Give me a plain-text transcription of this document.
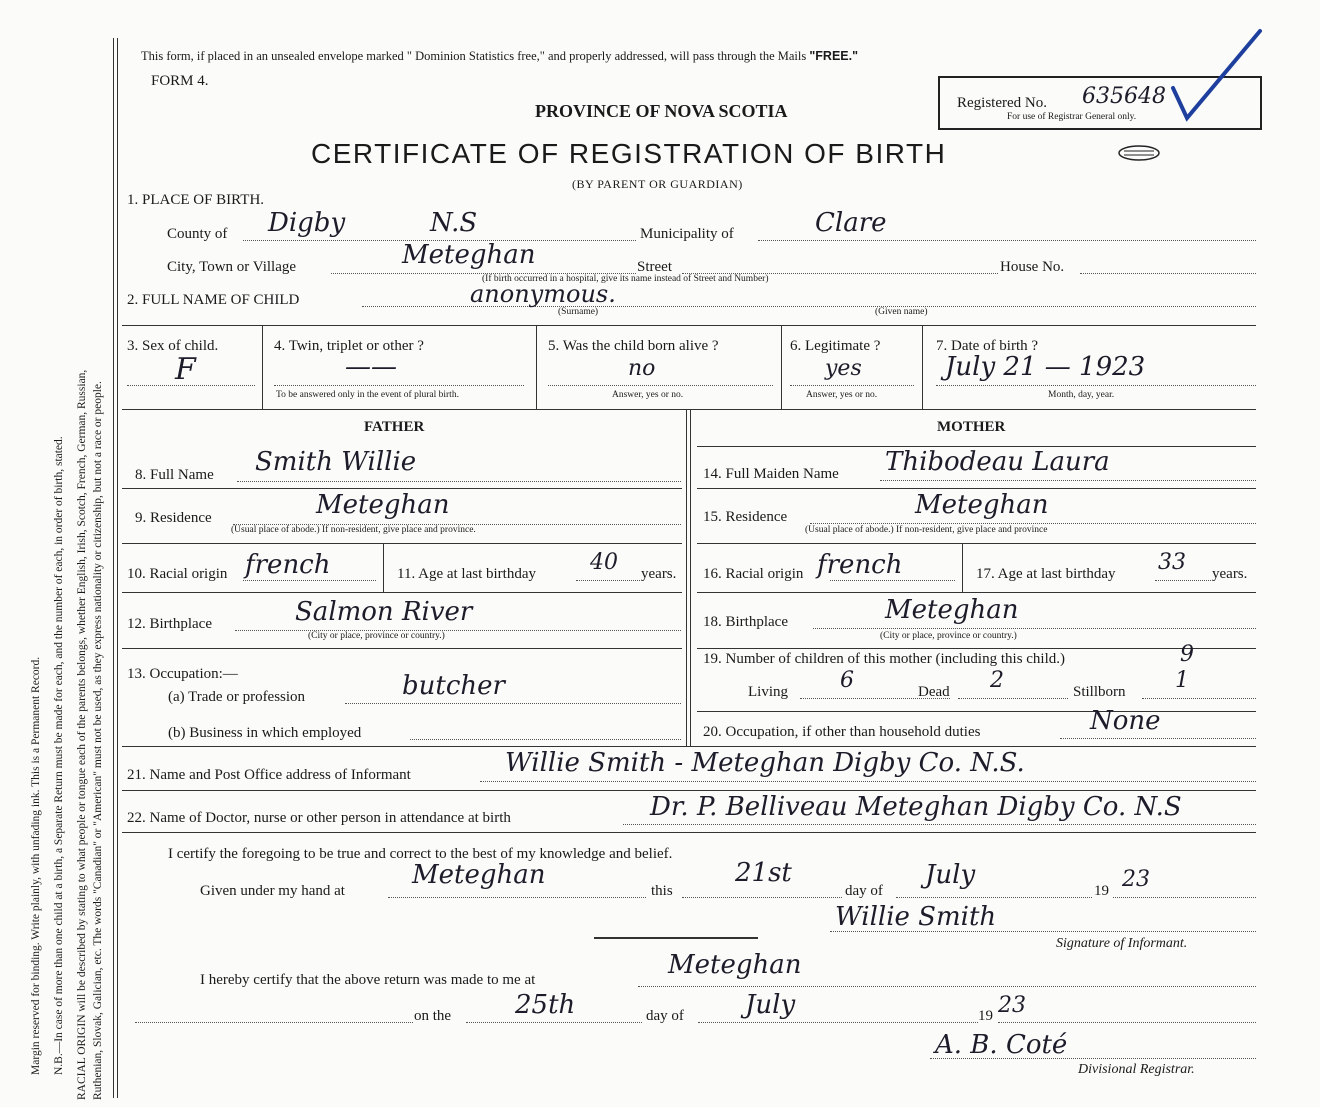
Margin reserved for binding. Write plainly, with unfading ink. This is a Permanent Record. N.B.—In case of more than one child at a birth, a Separate Return must be made for each, and the number of each, in order of birth, stated. RACIAL ORIGIN will be described by stating to what people or tongue each of the parents belongs, whether English, Irish, Scotch, French, German, Russian, Ruthenian, Slovak, Galician, etc. The words "Canadian" or "American" must not be used, as they express nationality or citizenship, but not a race or people.
This form, if placed in an unsealed envelope marked " Dominion Statistics free," and properly addressed, will pass through the Mails "FREE."
FORM 4.
PROVINCE OF NOVA SCOTIA
CERTIFICATE OF REGISTRATION OF BIRTH
(BY PARENT OR GUARDIAN)
Registered No. 635648
For use of Registrar General only.
1. PLACE OF BIRTH.
County of Digby	N.S	Municipality of	Clare
City, Town or Village	Meteghan	Street	House No.
(If birth occurred in a hospital, give its name instead of Street and Number)
2. FULL NAME OF CHILD	anonymous.
(Surname)	(Given name)
3. Sex of child.
F
4. Twin, triplet or other ?
——
To be answered only in the event of plural birth.
5. Was the child born alive ?
no
Answer, yes or no.
6. Legitimate ?
yes
Answer, yes or no.
7. Date of birth ?
July 21 — 1923
Month, day, year.
FATHER	MOTHER
8. Full Name Smith Willie
9. Residence	Meteghan
(Usual place of abode.) If non-resident, give place and province.
10. Racial origin french	11. Age at last birthday 40 years.
12. Birthplace	Salmon River
(City or place, province or country.)
13. Occupation:—
(a) Trade or profession	butcher
(b) Business in which employed
14. Full Maiden Name Thibodeau Laura
15. Residence	Meteghan
(Usual place of abode.) If non-resident, give place and province
16. Racial origin french	17. Age at last birthday 33 years.
18. Birthplace	Meteghan
(City or place, province or country.)
19. Number of children of this mother (including this child.)	9
Living 6	Dead 2	Stillborn 1
20. Occupation, if other than household duties	None
21. Name and Post Office address of Informant	Willie Smith - Meteghan Digby Co. N.S.
22. Name of Doctor, nurse or other person in attendance at birth	Dr. P. Belliveau Meteghan Digby Co. N.S
I certify the foregoing to be true and correct to the best of my knowledge and belief.
Given under my hand at
Meteghan
this
21st
day of
July
19 23
Willie Smith
Signature of Informant.
I hereby certify that the above return was made to me at	Meteghan
on the 25th	day of July	19 23
A. B. Coté
Divisional Registrar.
